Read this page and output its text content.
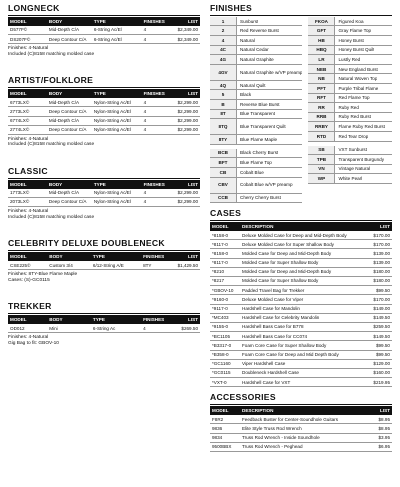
LONGNECK
MODEL	BODY	TYPE	FINISHES	LIST
D577F©	Mid-Depth C/A	6-String Ac/El	4	$2,349.00
DS207F©	Deep Contour C/A	6-String Ac/El	4	$2,349.00
Finishes: 4-Natural
Included (C)8158 matching molded case
ARTIST/FOLKLORE
MODEL	BODY	TYPE	FINISHES	LIST
6773LX©	Mid-Depth C/A	Nylon-String Ac/El	4	$2,299.00
2773LX©	Deep Contour C/A	Nylon-String Ac/El	4	$2,299.00
6774LX©	Mid-Depth C/A	Nylon-String Ac/El	4	$2,299.00
2774LX©	Deep Contour C/A	Nylon-String Ac/El	4	$2,299.00
Finishes: 4-Natural
Included (C)8158 matching molded case
CLASSIC
MODEL	BODY	TYPE	FINISHES	LIST
1773LX©	Mid-Depth C/A	Nylon-String Ac/El	4	$2,299.00
2073LX©	Deep Contour C/A	Nylon-String Ac/El	4	$2,299.00
Finishes: 4-Natural
Included (C)8158 matching molded case
CELEBRITY DELUXE DOUBLENECK
MODEL	BODY	TYPE	FINISHES	LIST
CSE225©	Custom 3/4	6/12-String A/E	8TY	$1,429.50
Finishes: 8TY-Blue Flame Maple
Cases: (S)-GC0115
TREKKER
MODEL	BODY	TYPE	FINISHES	LIST
OD012	Mini	6-String Ac	4	$269.50
Finishes: 4-Natural
Gig Bag to fit: GBOV-10
FINISHES
1	Sunburst
2	Red Reverse Burst
4	Natural
4C	Natural Cedar
4G	Natural Graphite
4GV	Natural Graphite w/VP preamp
4Q	Natural Quilt
5	Black
B	Reverse Blue Burst
8T	Blue Transparent
8TQ	Blue Transparent Quilt
8TY	Blue Flame Maple
BCB	Black Cherry Burst
BFT	Blue Flame Top
CB	Cobalt Blue
CBV	Cobalt Blue w/VP preamp
CCB	Cherry Cherry Burst
FKOA	Figured Koa
GFT	Gray Flame Top
HB	Honey Burst
HBQ	Honey Burst Quilt
LR	Lustly Red
NEB	New England Burst
NB	Natural Woven Top
PFT	Purple Tribal Flame
RFT	Red Flame Top
RR	Ruby Red
RRB	Ruby Red Burst
RRBY	Flame Ruby Red Burst
RTD	Red Tear Drop
SB	VXT Sunburst
TPB	Transparent Burgundy
VN	Vintage Natural
WP	White Pearl
CASES
MODEL	DESCRIPTION	LIST
*8158-0	Deluxe Molded Case for Deep and Mid-Depth Body	$170.00
*8117-0	Deluxe Molded Case for Super Shallow Body	$170.00
*8158-0	Molded Case for Deep and Mid-Depth Body	$139.00
*8117-0	Molded Case for Super Shallow Body	$139.00
*8210	Molded Case for Deep and Mid-Depth Body	$180.00
*8217	Molded Case for Super Shallow Body	$180.00
*GBOV-10	Padded Travel Bag for Trekker	$99.50
*9160-0	Deluxe Molded Case for Viper	$170.00
*9117-0	Hardshell Case for Mandolin	$149.00
*MC403	Hardshell Case for Celebrity Mandolin	$149.50
*9155-0	Hardshell Bass Case for B778	$259.50
*BC1105	Hardshell Bass Case for CC074	$149.50
*B3317-0	Foam Core Case for Super Shallow Body	$99.50
*B358-0	Foam Core Case for Deep and Mid Depth Body	$99.50
*GC1160	Viper Hardshell Case	$129.00
*GC0115	Doubleneck Hardshell Case	$160.00
*VXT-0	Hardshell Case for VXT	$219.95
ACCESSORIES
MODEL	DESCRIPTION	LIST
F8R2	Feedback Buster for Center-Soundhole Guitars	$8.95
9836	Elite Style Truss Rod Wrench	$8.95
9834	Truss Rod Wrench - Inside Soundhole	$3.95
9500BBX	Truss Rod Wrench - Peghead	$6.95
